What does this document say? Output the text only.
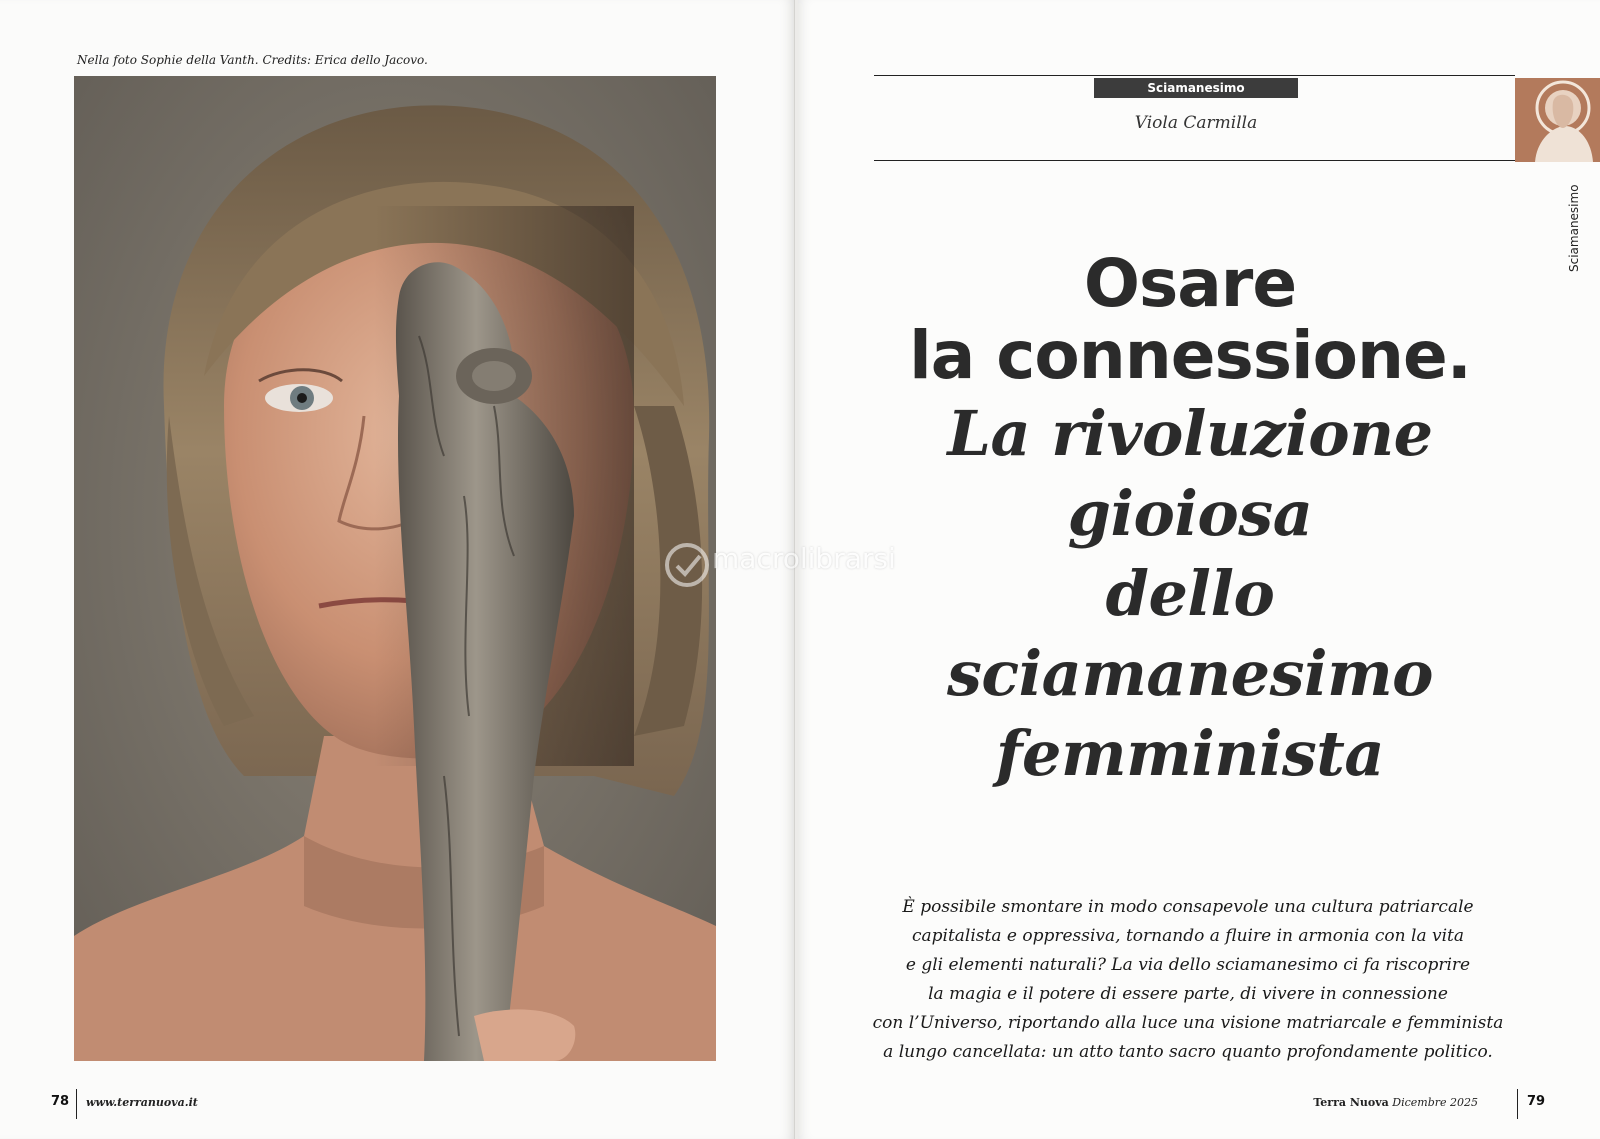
Nella foto Sophie della Vanth. Credits: Erica dello Jacovo.
78 www.terranuova.it
Sciamanesimo
Viola Carmilla
Sciamanesimo
Osare
la connessione.
La rivoluzione
gioiosa
dello
sciamanesimo
femminista
È possibile smontare in modo consapevole una cultura patriarcale
capitalista e oppressiva, tornando a fluire in armonia con la vita
e gli elementi naturali? La via dello sciamanesimo ci fa riscoprire
la magia e il potere di essere parte, di vivere in connessione
con l’Universo, riportando alla luce una visione matriarcale e femminista
a lungo cancellata: un atto tanto sacro quanto profondamente politico.
Terra Nuova Dicembre 2025	79
macrolibrarsi
